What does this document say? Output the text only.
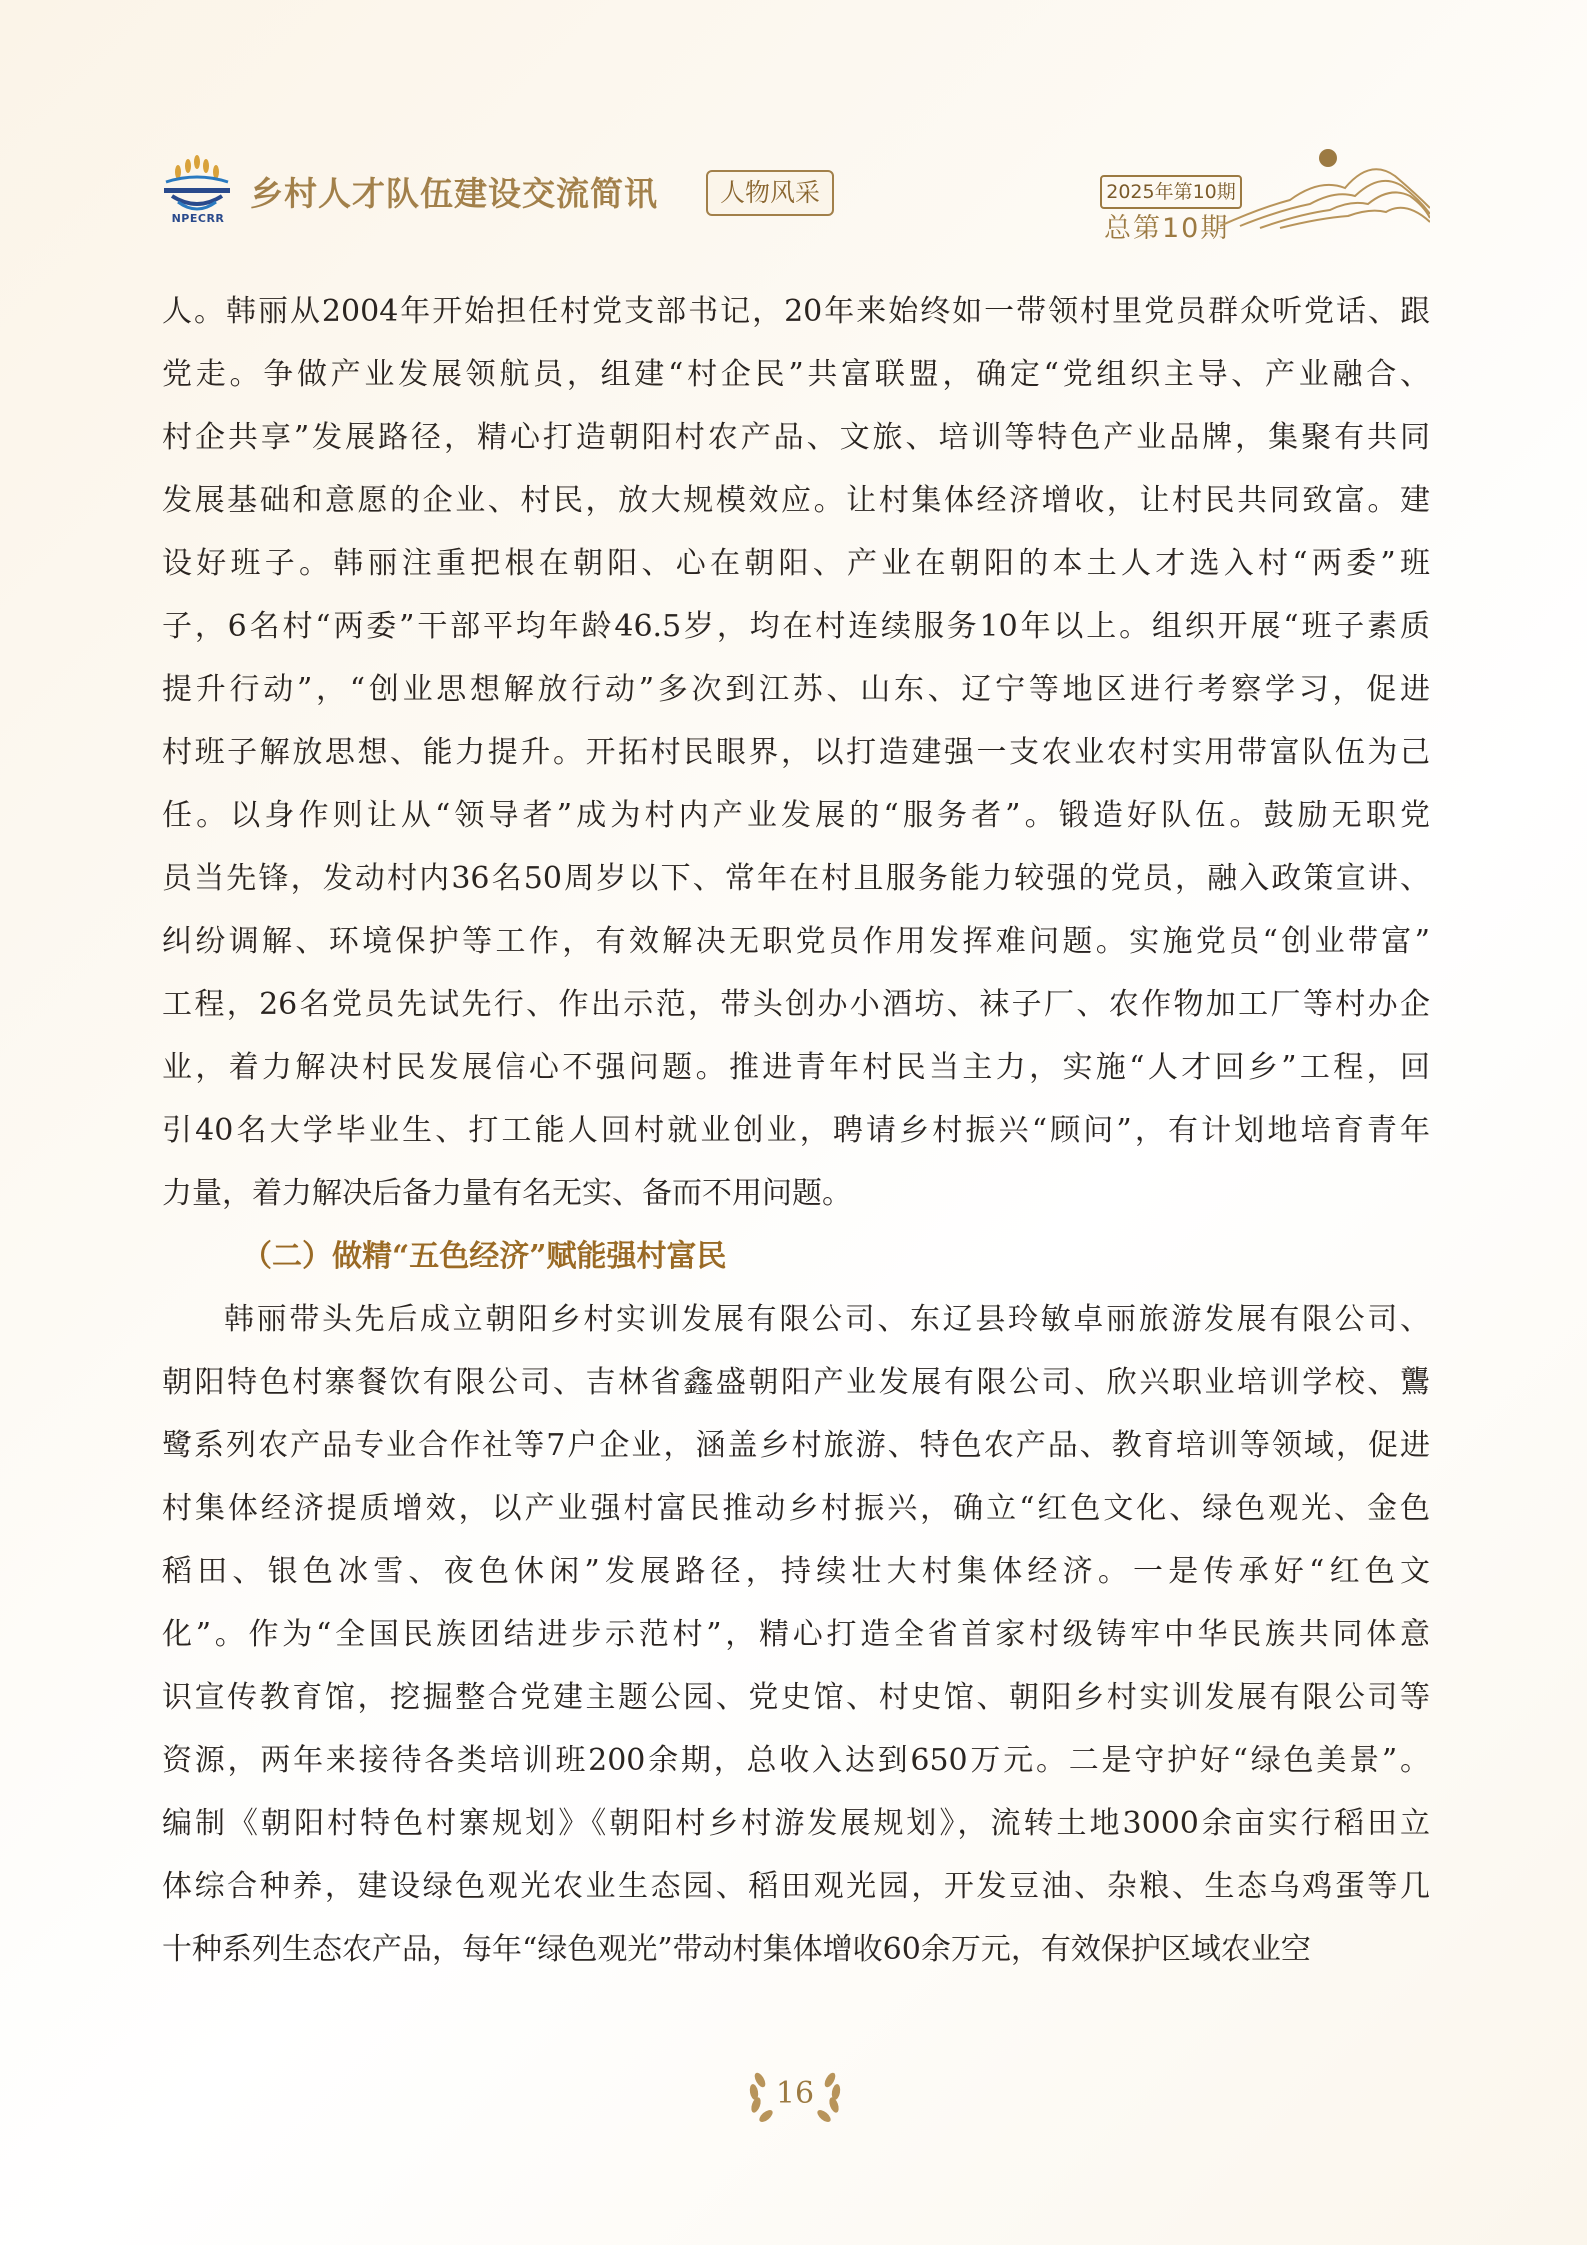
NPECRR
乡村人才队伍建设交流简讯	人物风采	2025年第10期
总第10期
人。韩丽从2004年开始担任村党支部书记，20年来始终如一带领村里党员群众听党话、跟
党走。争做产业发展领航员，组建“村企民”共富联盟，确定“党组织主导、产业融合、
村企共享”发展路径，精心打造朝阳村农产品、文旅、培训等特色产业品牌，集聚有共同
发展基础和意愿的企业、村民，放大规模效应。让村集体经济增收，让村民共同致富。建
设好班子。韩丽注重把根在朝阳、心在朝阳、产业在朝阳的本土人才选入村“两委”班
子，6名村“两委”干部平均年龄46.5岁，均在村连续服务10年以上。组织开展“班子素质
提升行动”，“创业思想解放行动”多次到江苏、山东、辽宁等地区进行考察学习，促进
村班子解放思想、能力提升。开拓村民眼界，以打造建强一支农业农村实用带富队伍为己
任。以身作则让从“领导者”成为村内产业发展的“服务者”。锻造好队伍。鼓励无职党
员当先锋，发动村内36名50周岁以下、常年在村且服务能力较强的党员，融入政策宣讲、
纠纷调解、环境保护等工作，有效解决无职党员作用发挥难问题。实施党员“创业带富”
工程，26名党员先试先行、作出示范，带头创办小酒坊、袜子厂、农作物加工厂等村办企
业，着力解决村民发展信心不强问题。推进青年村民当主力，实施“人才回乡”工程，回
引40名大学毕业生、打工能人回村就业创业，聘请乡村振兴“顾问”，有计划地培育青年
力量，着力解决后备力量有名无实、备而不用问题。
（二）做精“五色经济”赋能强村富民
韩丽带头先后成立朝阳乡村实训发展有限公司、东辽县玲敏卓丽旅游发展有限公司、
朝阳特色村寨餐饮有限公司、吉林省鑫盛朝阳产业发展有限公司、欣兴职业培训学校、鸗
鹭系列农产品专业合作社等7户企业，涵盖乡村旅游、特色农产品、教育培训等领域，促进
村集体经济提质增效，以产业强村富民推动乡村振兴，确立“红色文化、绿色观光、金色
稻田、银色冰雪、夜色休闲”发展路径，持续壮大村集体经济。一是传承好“红色文
化”。作为“全国民族团结进步示范村”，精心打造全省首家村级铸牢中华民族共同体意
识宣传教育馆，挖掘整合党建主题公园、党史馆、村史馆、朝阳乡村实训发展有限公司等
资源，两年来接待各类培训班200余期，总收入达到650万元。二是守护好“绿色美景”。
编制《朝阳村特色村寨规划》《朝阳村乡村游发展规划》，流转土地3000余亩实行稻田立
体综合种养，建设绿色观光农业生态园、稻田观光园，开发豆油、杂粮、生态乌鸡蛋等几
十种系列生态农产品，每年“绿色观光”带动村集体增收60余万元，有效保护区域农业空
16
